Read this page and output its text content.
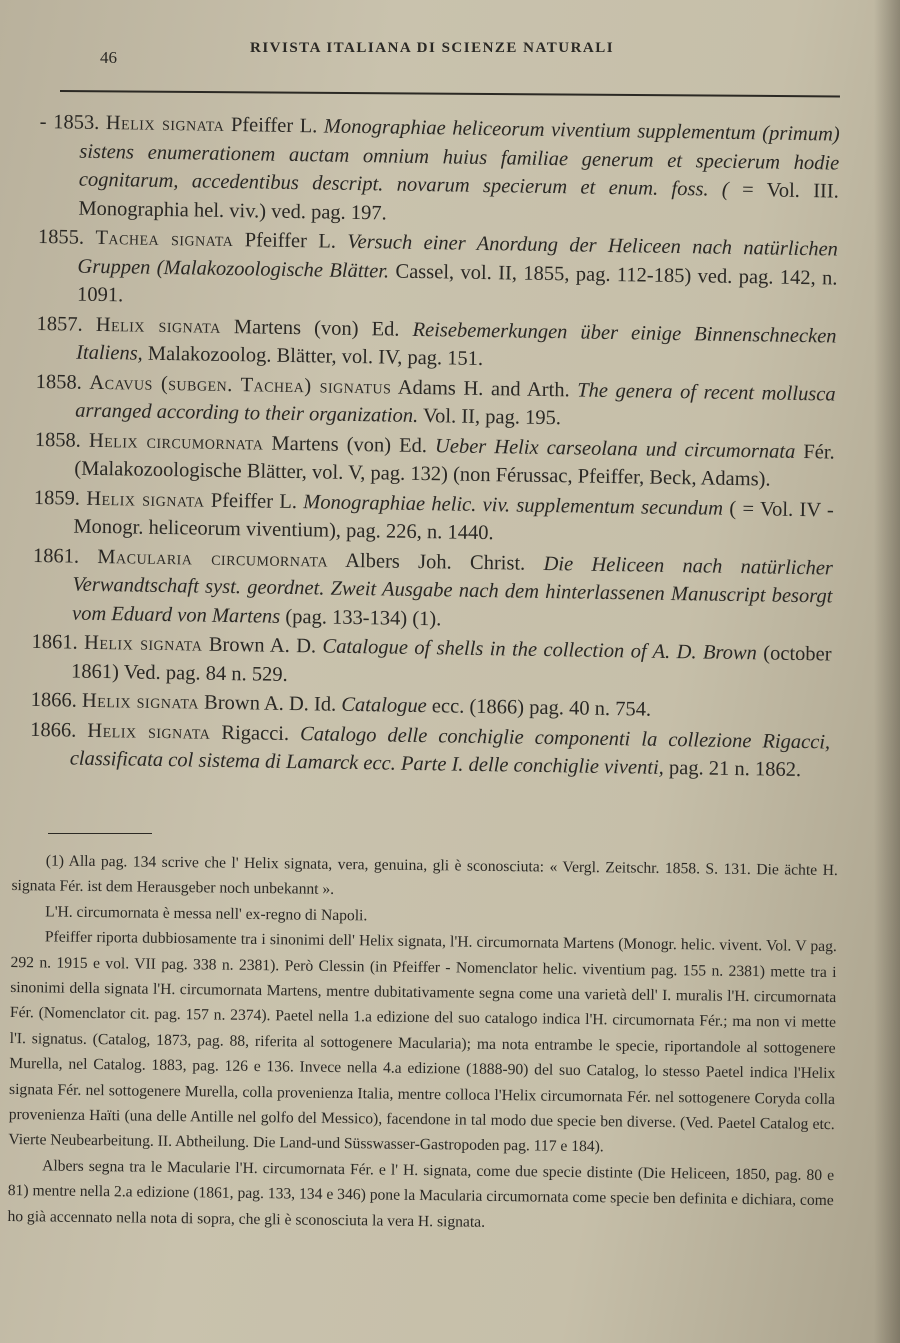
46	RIVISTA ITALIANA DI SCIENZE NATURALI

- 1853. Helix signata Pfeiffer L. Monographiae heliceorum viventium supplementum (primum) sistens enumerationem auctam omnium huius familiae generum et specierum hodie cognitarum, accedentibus descript. novarum specierum et enum. foss. ( = Vol. III. Monographia hel. viv.) ved. pag. 197.

1855. Tachea signata Pfeiffer L. Versuch einer Anordung der Heliceen nach natürlichen Gruppen (Malakozoologische Blätter. Cassel, vol. II, 1855, pag. 112-185) ved. pag. 142, n. 1091.

1857. Helix signata Martens (von) Ed. Reisebemerkungen über einige Binnenschnecken Italiens, Malakozoolog. Blätter, vol. IV, pag. 151.

1858. Acavus (subgen. Tachea) signatus Adams H. and Arth. The genera of recent mollusca arranged according to their organization. Vol. II, pag. 195.

1858. Helix circumornata Martens (von) Ed. Ueber Helix carseolana und circumornata Fér. (Malakozoologische Blätter, vol. V, pag. 132) (non Férussac, Pfeiffer, Beck, Adams).

1859. Helix signata Pfeiffer L. Monographiae helic. viv. supplementum secundum ( = Vol. IV - Monogr. heliceorum viventium), pag. 226, n. 1440.

1861. Macularia circumornata Albers Joh. Christ. Die Heliceen nach natürlicher Verwandtschaft syst. geordnet. Zweit Ausgabe nach dem hinterlassenen Manuscript besorgt vom Eduard von Martens (pag. 133-134) (1).

1861. Helix signata Brown A. D. Catalogue of shells in the collection of A. D. Brown (october 1861) Ved. pag. 84 n. 529.

1866. Helix signata Brown A. D. Id. Catalogue ecc. (1866) pag. 40 n. 754.

1866. Helix signata Rigacci. Catalogo delle conchiglie componenti la collezione Rigacci, classificata col sistema di Lamarck ecc. Parte I. delle conchiglie viventi, pag. 21 n. 1862.

(1) Alla pag. 134 scrive che l' Helix signata, vera, genuina, gli è sconosciuta: « Vergl. Zeitschr. 1858. S. 131. Die ächte H. signata Fér. ist dem Herausgeber noch unbekannt ».

L'H. circumornata è messa nell' ex-regno di Napoli.

Pfeiffer riporta dubbiosamente tra i sinonimi dell' Helix signata, l'H. circumornata Martens (Monogr. helic. vivent. Vol. V pag. 292 n. 1915 e vol. VII pag. 338 n. 2381). Però Clessin (in Pfeiffer - Nomenclator helic. viventium pag. 155 n. 2381) mette tra i sinonimi della signata l'H. circumornata Martens, mentre dubitativamente segna come una varietà dell' I. muralis l'H. circumornata Fér. (Nomenclator cit. pag. 157 n. 2374). Paetel nella 1.a edizione del suo catalogo indica l'H. circumornata Fér.; ma non vi mette l'I. signatus. (Catalog, 1873, pag. 88, riferita al sottogenere Macularia); ma nota entrambe le specie, riportandole al sottogenere Murella, nel Catalog. 1883, pag. 126 e 136. Invece nella 4.a edizione (1888-90) del suo Catalog, lo stesso Paetel indica l'Helix signata Fér. nel sottogenere Murella, colla provenienza Italia, mentre colloca l'Helix circumornata Fér. nel sottogenere Coryda colla provenienza Haïti (una delle Antille nel golfo del Messico), facendone in tal modo due specie ben diverse. (Ved. Paetel Catalog etc. Vierte Neubearbeitung. II. Abtheilung. Die Land-und Süsswasser-Gastropoden pag. 117 e 184).

Albers segna tra le Macularie l'H. circumornata Fér. e l' H. signata, come due specie distinte (Die Heliceen, 1850, pag. 80 e 81) mentre nella 2.a edizione (1861, pag. 133, 134 e 346) pone la Macularia circumornata come specie ben definita e dichiara, come ho già accennato nella nota di sopra, che gli è sconosciuta la vera H. signata.
